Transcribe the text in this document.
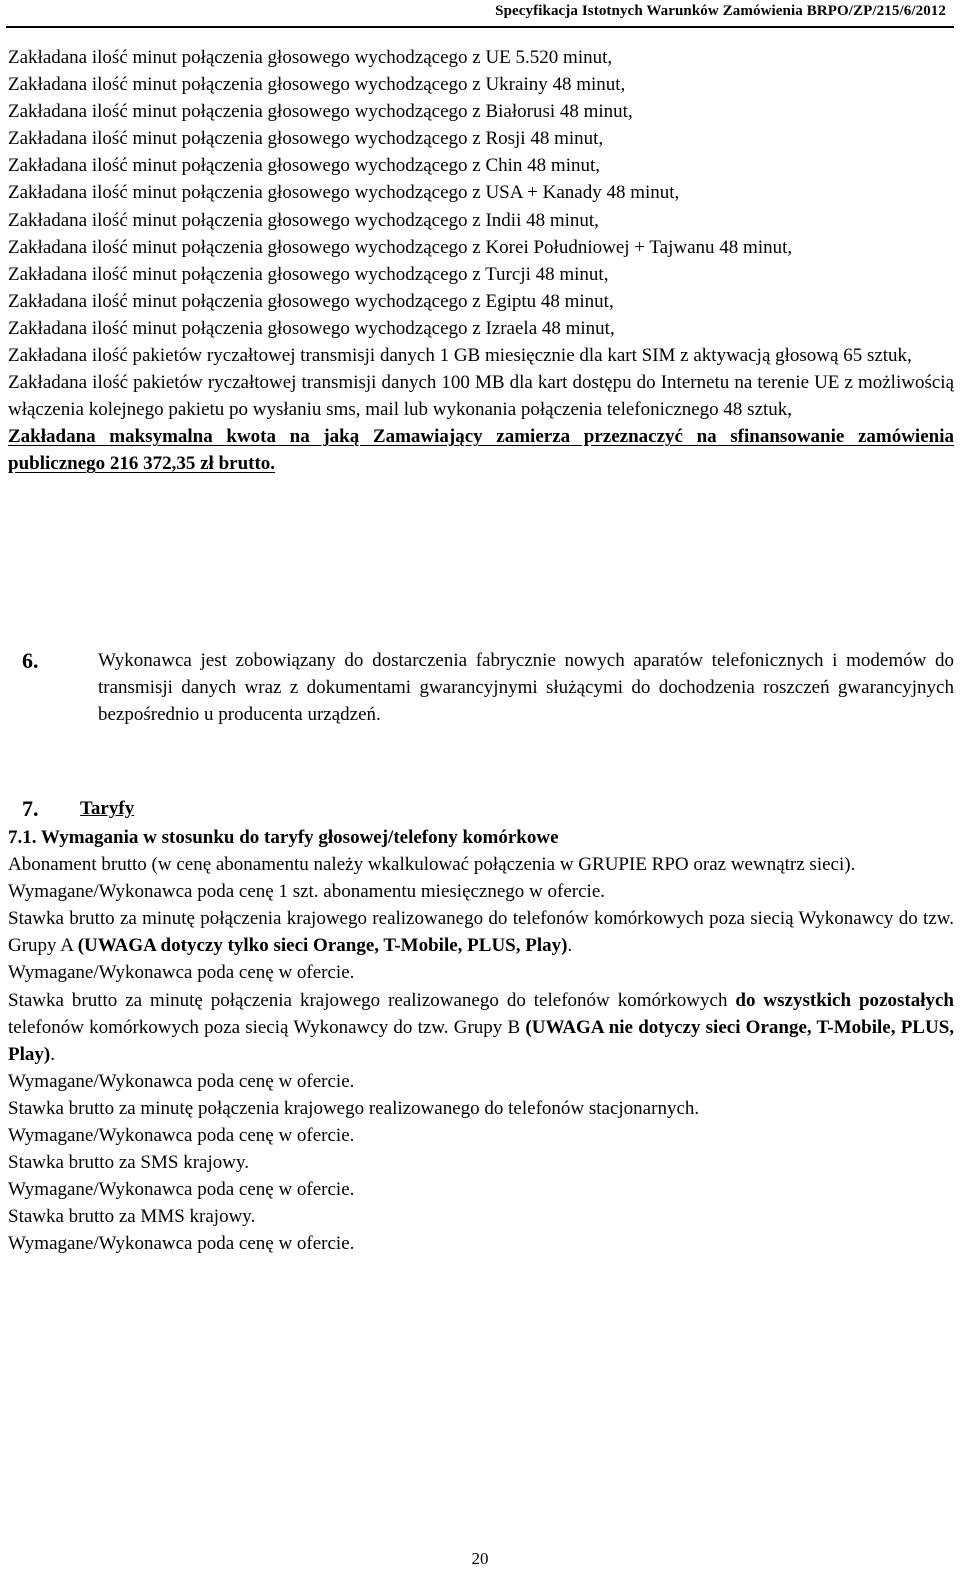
Specyfikacja Istotnych Warunków Zamówienia BRPO/ZP/215/6/2012

Zakładana ilość minut połączenia głosowego wychodzącego z UE 5.520 minut,

Zakładana ilość minut połączenia głosowego wychodzącego z Ukrainy 48 minut,

Zakładana ilość minut połączenia głosowego wychodzącego z Białorusi 48 minut,

Zakładana ilość minut połączenia głosowego wychodzącego z Rosji 48 minut,

Zakładana ilość minut połączenia głosowego wychodzącego z Chin 48 minut,

Zakładana ilość minut połączenia głosowego wychodzącego z USA + Kanady 48 minut,

Zakładana ilość minut połączenia głosowego wychodzącego z Indii 48 minut,

Zakładana ilość minut połączenia głosowego wychodzącego z Korei Południowej + Tajwanu 48 minut,

Zakładana ilość minut połączenia głosowego wychodzącego z Turcji 48 minut,

Zakładana ilość minut połączenia głosowego wychodzącego z Egiptu 48 minut,

Zakładana ilość minut połączenia głosowego wychodzącego z Izraela 48 minut,

Zakładana ilość pakietów ryczałtowej transmisji danych 1 GB miesięcznie dla kart SIM z aktywacją głosową 65 sztuk,

Zakładana ilość pakietów ryczałtowej transmisji danych 100 MB dla kart dostępu do Internetu na terenie UE z możliwością włączenia kolejnego pakietu po wysłaniu sms, mail lub wykonania połączenia telefonicznego 48 sztuk,

Zakładana maksymalna kwota na jaką Zamawiający zamierza przeznaczyć na sfinansowanie zamówienia publicznego 216 372,35 zł brutto.

6.	Wykonawca jest zobowiązany do dostarczenia fabrycznie nowych aparatów telefonicznych i modemów do transmisji danych wraz z dokumentami gwarancyjnymi służącymi do dochodzenia roszczeń gwarancyjnych bezpośrednio u producenta urządzeń.

7. Taryfy

7.1. Wymagania w stosunku do taryfy głosowej/telefony komórkowe

Abonament brutto (w cenę abonamentu należy wkalkulować połączenia w GRUPIE RPO oraz wewnątrz sieci).

Wymagane/Wykonawca poda cenę 1 szt. abonamentu miesięcznego w ofercie.

Stawka brutto za minutę połączenia krajowego realizowanego do telefonów komórkowych poza siecią Wykonawcy do tzw. Grupy A (UWAGA dotyczy tylko sieci Orange, T-Mobile, PLUS, Play).

Wymagane/Wykonawca poda cenę w ofercie.

Stawka brutto za minutę połączenia krajowego realizowanego do telefonów komórkowych do wszystkich pozostałych telefonów komórkowych poza siecią Wykonawcy do tzw. Grupy B (UWAGA nie dotyczy sieci Orange, T-Mobile, PLUS, Play).

Wymagane/Wykonawca poda cenę w ofercie.

Stawka brutto za minutę połączenia krajowego realizowanego do telefonów stacjonarnych.

Wymagane/Wykonawca poda cenę w ofercie.

Stawka brutto za SMS krajowy.

Wymagane/Wykonawca poda cenę w ofercie.

Stawka brutto za MMS krajowy.

Wymagane/Wykonawca poda cenę w ofercie.

20
